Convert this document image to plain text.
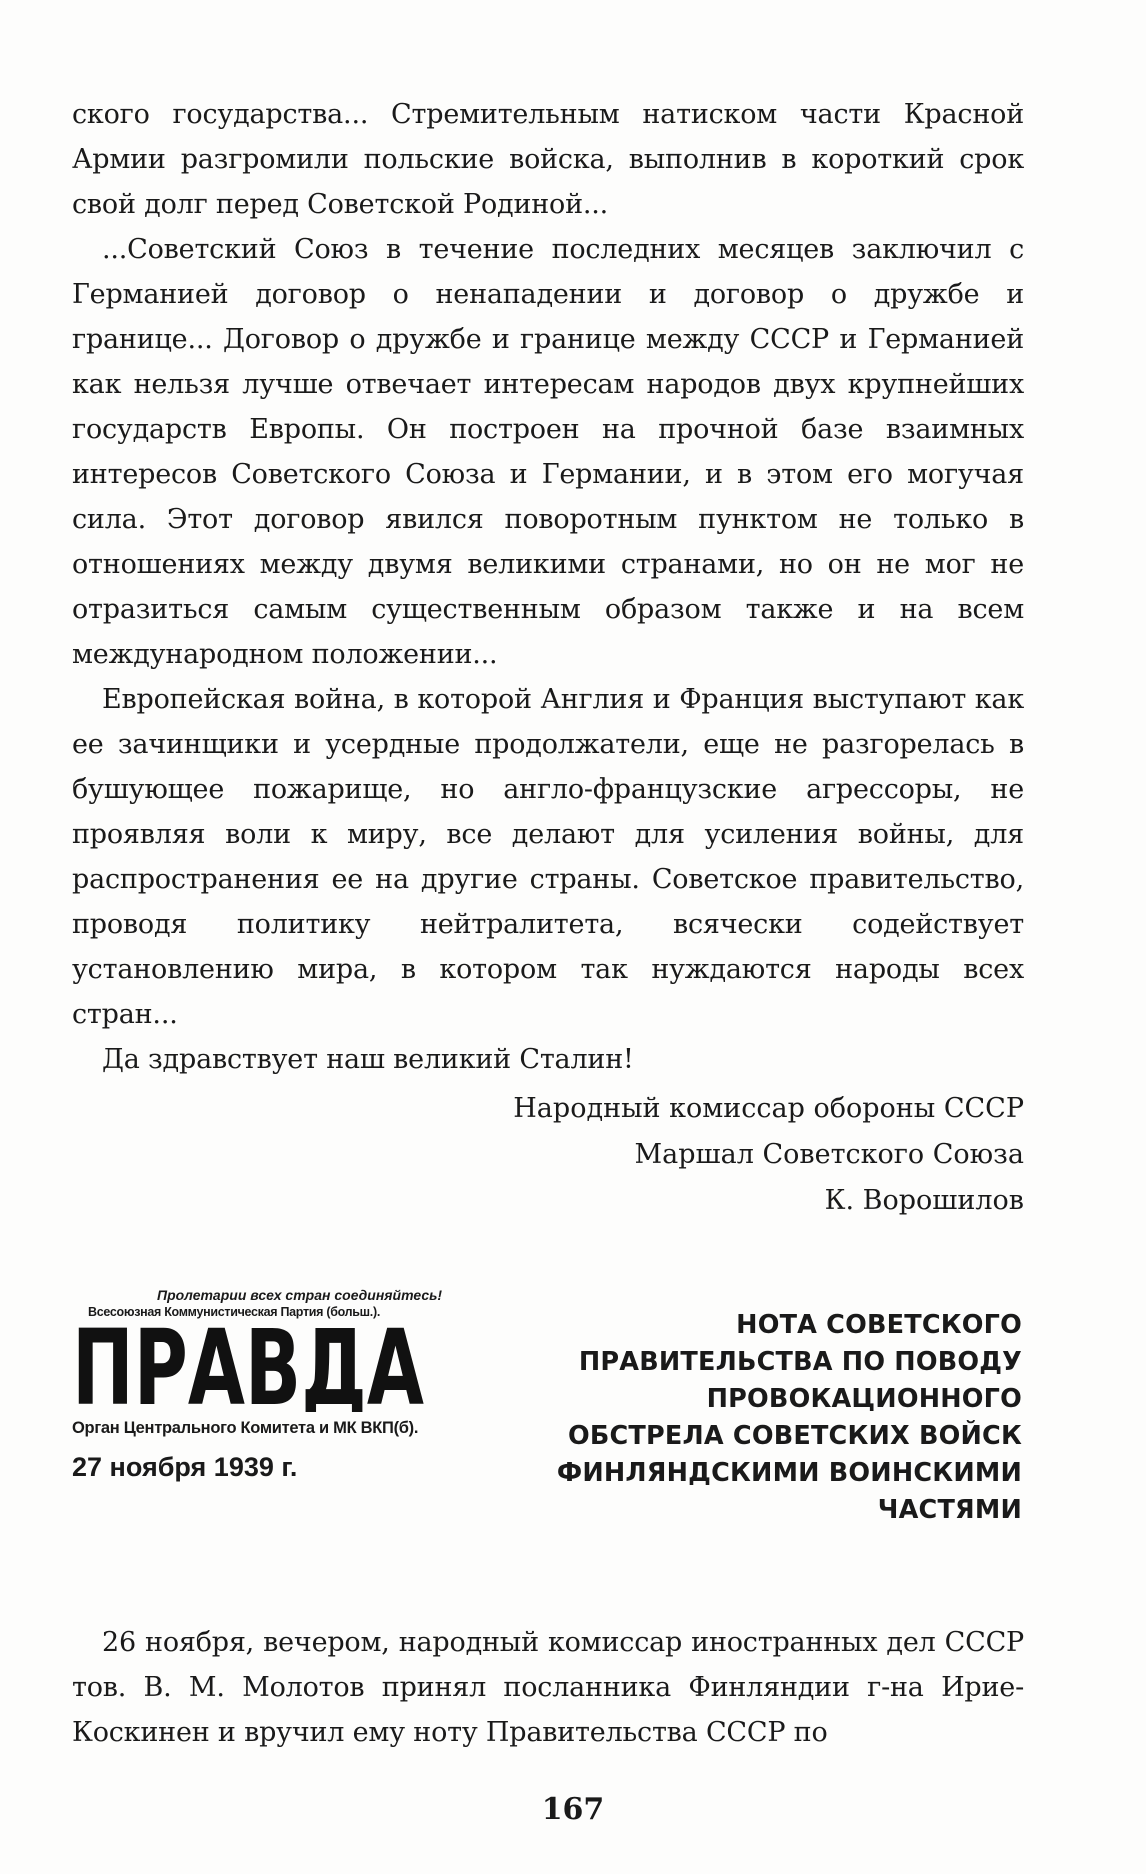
ского государства... Стремительным натиском части Красной Армии разгромили польские войска, выполнив в короткий срок свой долг перед Советской Родиной...

...Советский Союз в течение последних месяцев заключил с Германией договор о ненападении и договор о дружбе и границе... Договор о дружбе и границе между СССР и Германией как нельзя лучше отвечает интересам народов двух крупнейших государств Европы. Он построен на прочной базе взаимных интересов Советского Союза и Германии, и в этом его могучая сила. Этот договор явился поворотным пунктом не только в отношениях между двумя великими странами, но он не мог не отразиться самым существенным образом также и на всем международном положении...

Европейская война, в которой Англия и Франция выступают как ее зачинщики и усердные продолжатели, еще не разгорелась в бушующее пожарище, но англо-французские агрессоры, не проявляя воли к миру, все делают для усиления войны, для распространения ее на другие страны. Советское правительство, проводя политику нейтралитета, всячески содействует установлению мира, в котором так нуждаются народы всех стран...

Да здравствует наш великий Сталин!

Народный комиссар обороны СССР
Маршал Советского Союза
К. Ворошилов
Пролетарии всех стран соединяйтесь!
Всесоюзная Коммунистическая Партия (больш.).
ПРАВДА
Орган Центрального Комитета и МК ВКП(б).
27 ноября 1939 г.
НОТА СОВЕТСКОГО
ПРАВИТЕЛЬСТВА ПО ПОВОДУ
ПРОВОКАЦИОННОГО
ОБСТРЕЛА СОВЕТСКИХ ВОЙСК
ФИНЛЯНДСКИМИ ВОИНСКИМИ
ЧАСТЯМИ

26 ноября, вечером, народный комиссар иностранных дел СССР тов. В. М. Молотов принял посланника Финляндии г-на Ирие-Коскинен и вручил ему ноту Правительства СССР по

167
